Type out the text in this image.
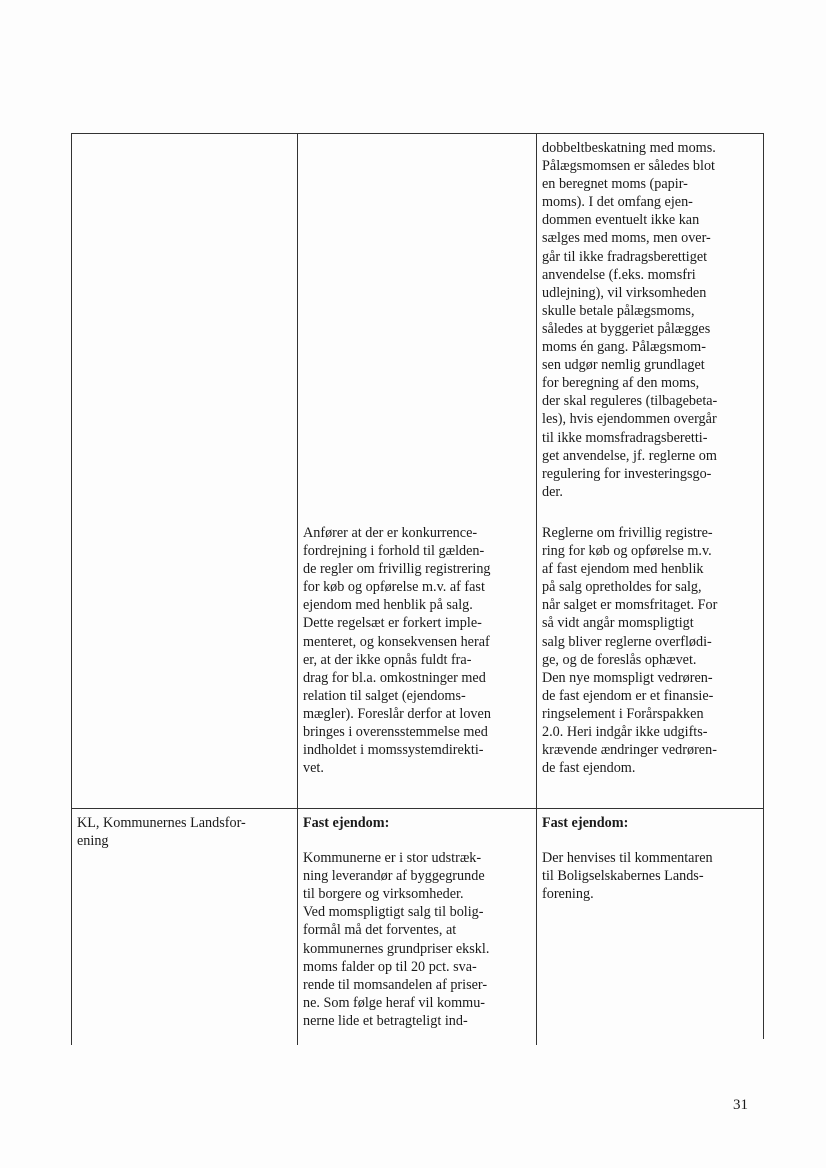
dobbeltbeskatning med moms.
Pålægsmomsen er således blot
en beregnet moms (papir-
moms). I det omfang ejen-
dommen eventuelt ikke kan
sælges med moms, men over-
går til ikke fradragsberettiget
anvendelse (f.eks. momsfri
udlejning), vil virksomheden
skulle betale pålægsmoms,
således at byggeriet pålægges
moms én gang. Pålægsmom-
sen udgør nemlig grundlaget
for beregning af den moms,
der skal reguleres (tilbagebeta-
les), hvis ejendommen overgår
til ikke momsfradragsberetti-
get anvendelse, jf. reglerne om
regulering for investeringsgo-
der.
Anfører at der er konkurrence-
fordrejning i forhold til gælden-
de regler om frivillig registrering
for køb og opførelse m.v. af fast
ejendom med henblik på salg.
Dette regelsæt er forkert imple-
menteret, og konsekvensen heraf
er, at der ikke opnås fuldt fra-
drag for bl.a. omkostninger med
relation til salget (ejendoms-
mægler). Foreslår derfor at loven
bringes i overensstemmelse med
indholdet i momssystemdirekti-
vet.
Reglerne om frivillig registre-
ring for køb og opførelse m.v.
af fast ejendom med henblik
på salg opretholdes for salg,
når salget er momsfritaget. For
så vidt angår momspligtigt
salg bliver reglerne overflødi-
ge, og de foreslås ophævet.
Den nye momspligt vedrøren-
de fast ejendom er et finansie-
ringselement i Forårspakken
2.0. Heri indgår ikke udgifts-
krævende ændringer vedrøren-
de fast ejendom.
KL, Kommunernes Landsfor-
ening
Fast ejendom:
Kommunerne er i stor udstræk-
ning leverandør af byggegrunde
til borgere og virksomheder.
Ved momspligtigt salg til bolig-
formål må det forventes, at
kommunernes grundpriser ekskl.
moms falder op til 20 pct. sva-
rende til momsandelen af priser-
ne. Som følge heraf vil kommu-
nerne lide et betragteligt ind-
Fast ejendom:
Der henvises til kommentaren
til Boligselskabernes Lands-
forening.
31
